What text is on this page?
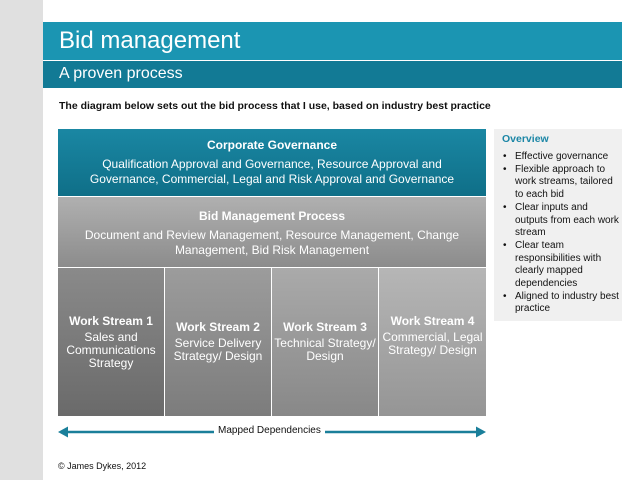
Bid management
A proven process
The diagram below sets out the bid process that I use, based on industry best practice
Corporate Governance
Qualification Approval and Governance, Resource Approval and Governance, Commercial, Legal and Risk Approval and Governance
Bid Management Process
Document and Review Management, Resource Management, Change Management, Bid Risk Management
Work Stream 1
Sales and Communications Strategy
Work Stream 2
Service Delivery Strategy/ Design
Work Stream 3
Technical Strategy/ Design
Work Stream 4
Commercial, Legal Strategy/ Design
Mapped Dependencies
Overview
• Effective governance
• Flexible approach to work streams, tailored to each bid
• Clear inputs and outputs from each work stream
• Clear team responsibilities with clearly mapped dependencies
• Aligned to industry best practice
© James Dykes, 2012
